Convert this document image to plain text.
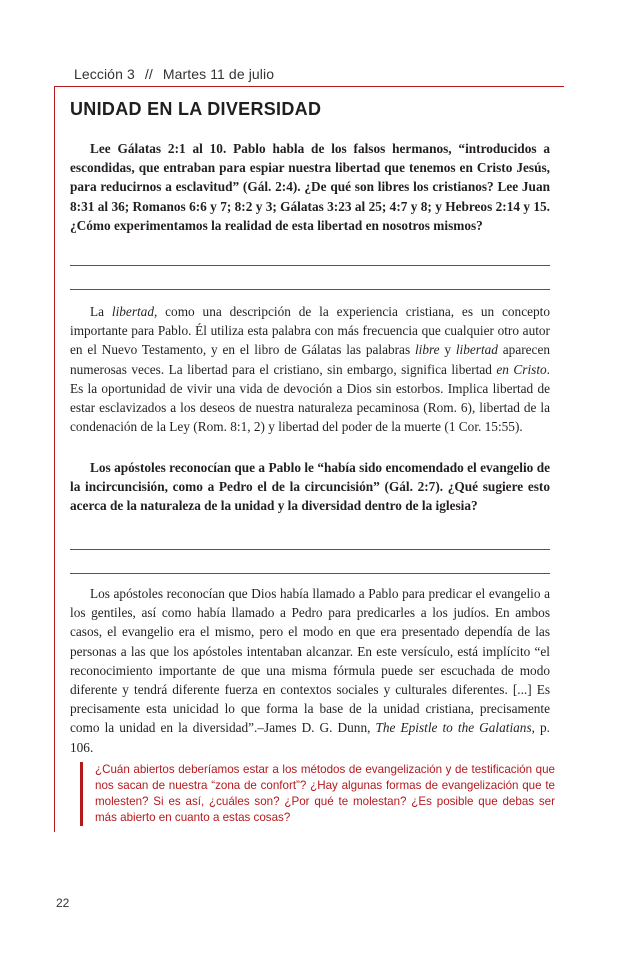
Lección 3 // Martes 11 de julio
UNIDAD EN LA DIVERSIDAD

Lee Gálatas 2:1 al 10. Pablo habla de los falsos hermanos, “introducidos a escondidas, que entraban para espiar nuestra libertad que tenemos en Cristo Jesús, para reducirnos a esclavitud” (Gál. 2:4). ¿De qué son libres los cristianos? Lee Juan 8:31 al 36; Romanos 6:6 y 7; 8:2 y 3; Gálatas 3:23 al 25; 4:7 y 8; y Hebreos 2:14 y 15. ¿Cómo experimentamos la realidad de esta libertad en nosotros mismos?

La libertad, como una descripción de la experiencia cristiana, es un concepto importante para Pablo. Él utiliza esta palabra con más frecuencia que cualquier otro autor en el Nuevo Testamento, y en el libro de Gálatas las palabras libre y libertad aparecen numerosas veces. La libertad para el cristiano, sin embargo, significa libertad en Cristo. Es la oportunidad de vivir una vida de devoción a Dios sin estorbos. Implica libertad de estar esclavizados a los deseos de nuestra naturaleza pecaminosa (Rom. 6), libertad de la condenación de la Ley (Rom. 8:1, 2) y libertad del poder de la muerte (1 Cor. 15:55).

Los apóstoles reconocían que a Pablo le “había sido encomendado el evangelio de la incircuncisión, como a Pedro el de la circuncisión” (Gál. 2:7). ¿Qué sugiere esto acerca de la naturaleza de la unidad y la diversidad dentro de la iglesia?

Los apóstoles reconocían que Dios había llamado a Pablo para predicar el evangelio a los gentiles, así como había llamado a Pedro para predicarles a los judíos. En ambos casos, el evangelio era el mismo, pero el modo en que era presentado dependía de las personas a las que los apóstoles intentaban alcanzar. En este versículo, está implícito “el reconocimiento importante de que una misma fórmula puede ser escuchada de modo diferente y tendrá diferente fuerza en contextos sociales y culturales diferentes. [...] Es precisamente esta unicidad lo que forma la base de la unidad cristiana, precisamente como la unidad en la diversidad”.–James D. G. Dunn, The Epistle to the Galatians, p. 106.

¿Cuán abiertos deberíamos estar a los métodos de evangelización y de testificación que nos sacan de nuestra “zona de confort”? ¿Hay algunas formas de evangelización que te molesten? Si es así, ¿cuáles son? ¿Por qué te molestan? ¿Es posible que debas ser más abierto en cuanto a estas cosas?
22
